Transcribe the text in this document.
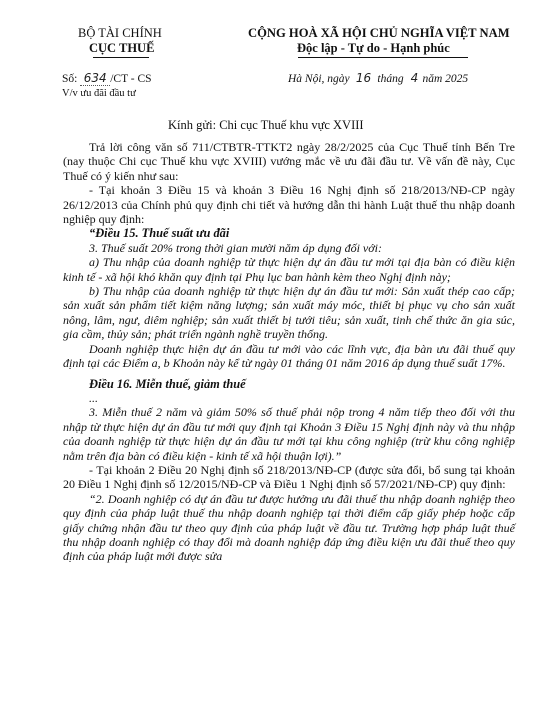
BỘ TÀI CHÍNH
CỤC THUẾ
CỘNG HOÀ XÃ HỘI CHỦ NGHĨA VIỆT NAM
Độc lập - Tự do - Hạnh phúc
Số: 634 /CT - CS
V/v ưu đãi đầu tư
Hà Nội, ngày 16 tháng 4 năm 2025
Kính gửi: Chi cục Thuế khu vực XVIII

Trả lời công văn số 711/CTBTR-TTKT2 ngày 28/2/2025 của Cục Thuế tỉnh Bến Tre (nay thuộc Chi cục Thuế khu vực XVIII) vướng mắc về ưu đãi đầu tư. Về vấn đề này, Cục Thuế có ý kiến như sau:

- Tại khoản 3 Điều 15 và khoản 3 Điều 16 Nghị định số 218/2013/NĐ-CP ngày 26/12/2013 của Chính phủ quy định chi tiết và hướng dẫn thi hành Luật thuế thu nhập doanh nghiệp quy định:

“Điều 15. Thuế suất ưu đãi

3. Thuế suất 20% trong thời gian mười năm áp dụng đối với:

a) Thu nhập của doanh nghiệp từ thực hiện dự án đầu tư mới tại địa bàn có điều kiện kinh tế - xã hội khó khăn quy định tại Phụ lục ban hành kèm theo Nghị định này;

b) Thu nhập của doanh nghiệp từ thực hiện dự án đầu tư mới: Sản xuất thép cao cấp; sản xuất sản phẩm tiết kiệm năng lượng; sản xuất máy móc, thiết bị phục vụ cho sản xuất nông, lâm, ngư, diêm nghiệp; sản xuất thiết bị tưới tiêu; sản xuất, tinh chế thức ăn gia súc, gia cầm, thủy sản; phát triển ngành nghề truyền thống.

Doanh nghiệp thực hiện dự án đầu tư mới vào các lĩnh vực, địa bàn ưu đãi thuế quy định tại các Điểm a, b Khoản này kể từ ngày 01 tháng 01 năm 2016 áp dụng thuế suất 17%.

Điều 16. Miễn thuế, giảm thuế

...

3. Miễn thuế 2 năm và giảm 50% số thuế phải nộp trong 4 năm tiếp theo đối với thu nhập từ thực hiện dự án đầu tư mới quy định tại Khoản 3 Điều 15 Nghị định này và thu nhập của doanh nghiệp từ thực hiện dự án đầu tư mới tại khu công nghiệp (trừ khu công nghiệp nằm trên địa bàn có điều kiện - kinh tế xã hội thuận lợi).”

- Tại khoản 2 Điều 20 Nghị định số 218/2013/NĐ-CP (được sửa đổi, bổ sung tại khoản 20 Điều 1 Nghị định số 12/2015/NĐ-CP và Điều 1 Nghị định số 57/2021/NĐ-CP) quy định:

“2. Doanh nghiệp có dự án đầu tư được hưởng ưu đãi thuế thu nhập doanh nghiệp theo quy định của pháp luật thuế thu nhập doanh nghiệp tại thời điểm cấp giấy phép hoặc cấp giấy chứng nhận đầu tư theo quy định của pháp luật về đầu tư. Trường hợp pháp luật thuế thu nhập doanh nghiệp có thay đổi mà doanh nghiệp đáp ứng điều kiện ưu đãi thuế theo quy định của pháp luật mới được sửa
